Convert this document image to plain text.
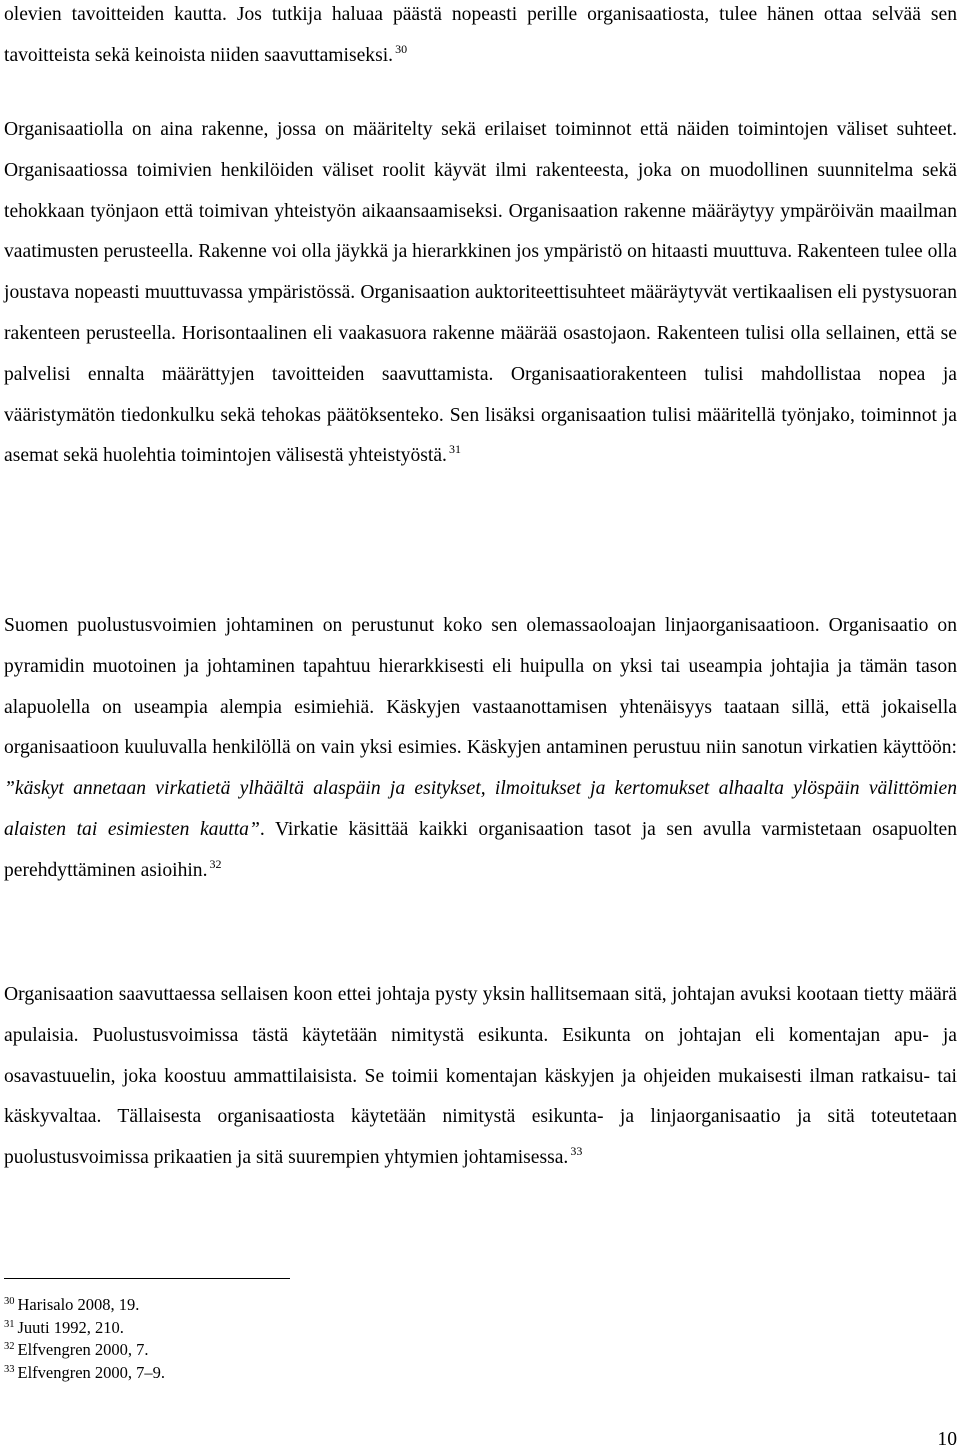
olevien tavoitteiden kautta. Jos tutkija haluaa päästä nopeasti perille organisaatiosta, tulee hänen ottaa selvää sen tavoitteista sekä keinoista niiden saavuttamiseksi. $^{30}$

Organisaatiolla on aina rakenne, jossa on määritelty sekä erilaiset toiminnot että näiden toimintojen väliset suhteet. Organisaatiossa toimivien henkilöiden väliset roolit käyvät ilmi rakenteesta, joka on muodollinen suunnitelma sekä tehokkaan työnjaon että toimivan yhteistyön aikaansaamiseksi. Organisaation rakenne määräytyy ympäröivän maailman vaatimusten perusteella. Rakenne voi olla jäykkä ja hierarkkinen jos ympäristö on hitaasti muuttuva. Rakenteen tulee olla joustava nopeasti muuttuvassa ympäristössä. Organisaation auktoriteettisuhteet määräytyvät vertikaalisen eli pystysuoran rakenteen perusteella. Horisontaalinen eli vaakasuora rakenne määrää osastojaon. Rakenteen tulisi olla sellainen, että se palvelisi ennalta määrättyjen tavoitteiden saavuttamista. Organisaatiorakenteen tulisi mahdollistaa nopea ja vääristymätön tiedonkulku sekä tehokas päätöksenteko. Sen lisäksi organisaation tulisi määritellä työnjako, toiminnot ja asemat sekä huolehtia toimintojen välisestä yhteistyöstä. $^{31}$

Suomen puolustusvoimien johtaminen on perustunut koko sen olemassaoloajan linjaorganisaatioon. Organisaatio on pyramidin muotoinen ja johtaminen tapahtuu hierarkkisesti eli huipulla on yksi tai useampia johtajia ja tämän tason alapuolella on useampia alempia esimiehiä. Käskyjen vastaanottamisen yhtenäisyys taataan sillä, että jokaisella organisaatioon kuuluvalla henkilöllä on vain yksi esimies. Käskyjen antaminen perustuu niin sanotun virkatien käyttöön: ”käskyt annetaan virkatietä ylhäältä alaspäin ja esitykset, ilmoitukset ja kertomukset alhaalta ylöspäin välittömien alaisten tai esimiesten kautta”. Virkatie käsittää kaikki organisaation tasot ja sen avulla varmistetaan osapuolten perehdyttäminen asioihin. $^{32}$

Organisaation saavuttaessa sellaisen koon ettei johtaja pysty yksin hallitsemaan sitä, johtajan avuksi kootaan tietty määrä apulaisia. Puolustusvoimissa tästä käytetään nimitystä esikunta. Esikunta on johtajan eli komentajan apu- ja osavastuuelin, joka koostuu ammattilaisista. Se toimii komentajan käskyjen ja ohjeiden mukaisesti ilman ratkaisu- tai käskyvaltaa. Tällaisesta organisaatiosta käytetään nimitystä esikunta- ja linjaorganisaatio ja sitä toteutetaan puolustusvoimissa prikaatien ja sitä suurempien yhtymien johtamisessa. $^{33}$

$^{30}$ Harisalo 2008, 19.

$^{31}$ Juuti 1992, 210.

$^{32}$ Elfvengren 2000, 7.

$^{33}$ Elfvengren 2000, 7–9.

10
